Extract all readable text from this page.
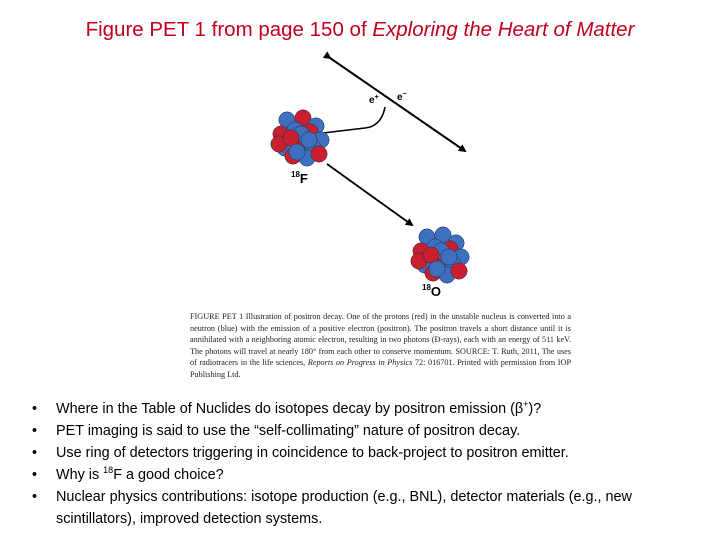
Figure PET 1 from page 150 of Exploring the Heart of Matter
e+ e−
$^{18}$F
$^{18}$O
FIGURE PET 1 Illustration of positron decay. One of the protons (red) in the unstable nucleus is converted into a neutron (blue) with the emission of a positive electron (positron). The positron travels a short distance until it is annihilated with a neighboring atomic electron, resulting in two photons (Đ-rays), each with an energy of 511 keV. The photons will travel at nearly 180° from each other to conserve momentum. SOURCE: T. Ruth, 2011, The uses of radiotracers in the life sciences, Reports on Progress in Physics 72: 016701. Printed with permission from IOP Publishing Ltd.
• Where in the Table of Nuclides do isotopes decay by positron emission (β+)?
• PET imaging is said to use the “self-collimating” nature of positron decay.
• Use ring of detectors triggering in coincidence to back-project to positron emitter.
• Why is $^{18}$F a good choice?
• Nuclear physics contributions: isotope production (e.g., BNL), detector materials (e.g., new scintillators), improved detection systems.
